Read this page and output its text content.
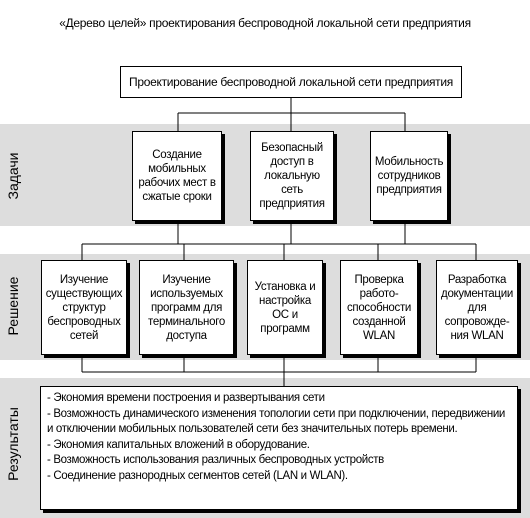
«Дерево целей» проектирования беспроводной локальной сети предприятия
Задачи
Решение
Результаты
Проектирование беспроводной локальной сети предприятия
Создание мобильных рабочих мест в сжатые сроки
Безопасный доступ в локальную сеть предприятия
Мобильность сотрудников предприятия
Изучение существующих структур беспроводных сетей
Изучение используемых программ для терминального доступа
Установка и настройка ОС и программ
Проверка работо-способности созданной WLAN
Разработка документации для сопровожде-ния WLAN
- Экономия времени построения и развертывания сети
- Возможность динамического изменения топологии сети при подключении, передвижении и отключении мобильных пользователей сети без значительных потерь времени.
- Экономия капитальных вложений в оборудование.
- Возможность использования различных беспроводных устройств
- Соединение разнородных сегментов сетей (LAN и WLAN).
